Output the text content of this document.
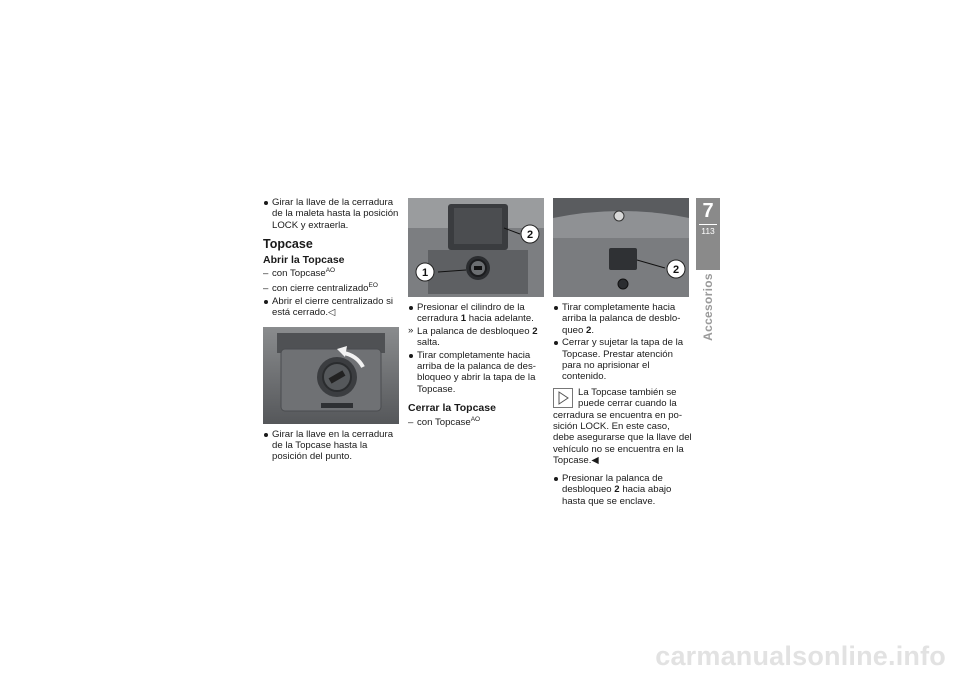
Girar la llave de la cerradura de la maleta hasta la posición LOCK y extraerla.
Topcase
Abrir la Topcase
– con Topcase$^{AO}$
– con cierre centralizado$^{EO}$
Abrir el cierre centralizado si está cerrado.◁
Girar la llave en la cerradura de la Topcase hasta la posición del punto.
1
2
Presionar el cilindro de la cerradura 1 hacia adelante.
» La palanca de desbloqueo 2 salta.
Tirar completamente hacia arriba de la palanca de desbloqueo y abrir la tapa de la Topcase.
Cerrar la Topcase
– con Topcase$^{AO}$
2
Tirar completamente hacia arriba la palanca de desbloqueo 2.
Cerrar y sujetar la tapa de la Topcase. Prestar atención para no aprisionar el contenido.
La Topcase también se puede cerrar cuando la cerradura se encuentra en posición LOCK. En este caso, debe asegurarse que la llave del vehículo no se encuentra en la Topcase.◀
Presionar la palanca de desbloqueo 2 hacia abajo hasta que se enclave.
7
113
Accesorios
carmanualsonline.info
